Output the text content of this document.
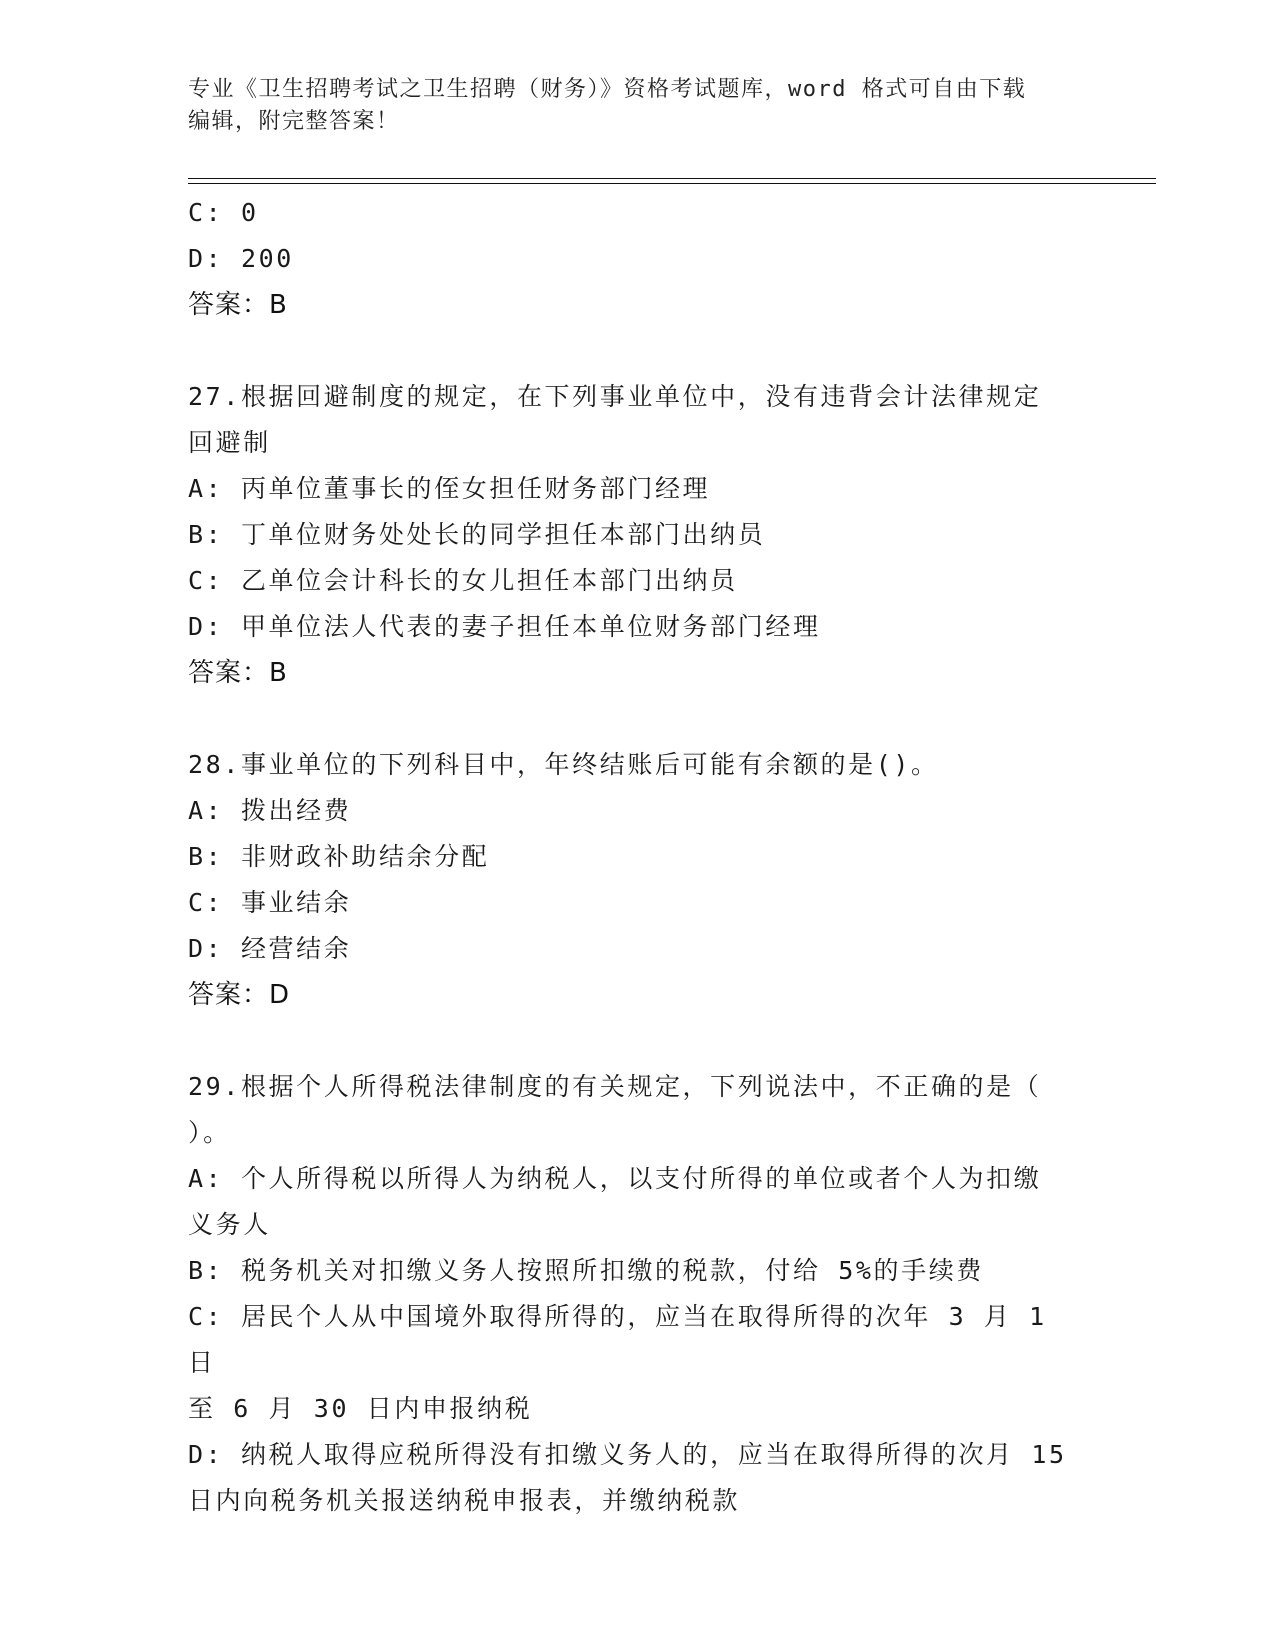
专业《卫生招聘考试之卫生招聘（财务）》资格考试题库，word 格式可自由下载
编辑，附完整答案！
C: 0
D: 200
答案：B
27.根据回避制度的规定，在下列事业单位中，没有违背会计法律规定
回避制
A: 丙单位董事长的侄女担任财务部门经理
B: 丁单位财务处处长的同学担任本部门出纳员
C: 乙单位会计科长的女儿担任本部门出纳员
D: 甲单位法人代表的妻子担任本单位财务部门经理
答案：B
28.事业单位的下列科目中，年终结账后可能有余额的是()。
A: 拨出经费
B: 非财政补助结余分配
C: 事业结余
D: 经营结余
答案：D
29.根据个人所得税法律制度的有关规定，下列说法中，不正确的是（
）。
A: 个人所得税以所得人为纳税人，以支付所得的单位或者个人为扣缴
义务人
B: 税务机关对扣缴义务人按照所扣缴的税款，付给 5%的手续费
C: 居民个人从中国境外取得所得的，应当在取得所得的次年 3 月 1 日
至 6 月 30 日内申报纳税
D: 纳税人取得应税所得没有扣缴义务人的，应当在取得所得的次月 15
日内向税务机关报送纳税申报表，并缴纳税款
